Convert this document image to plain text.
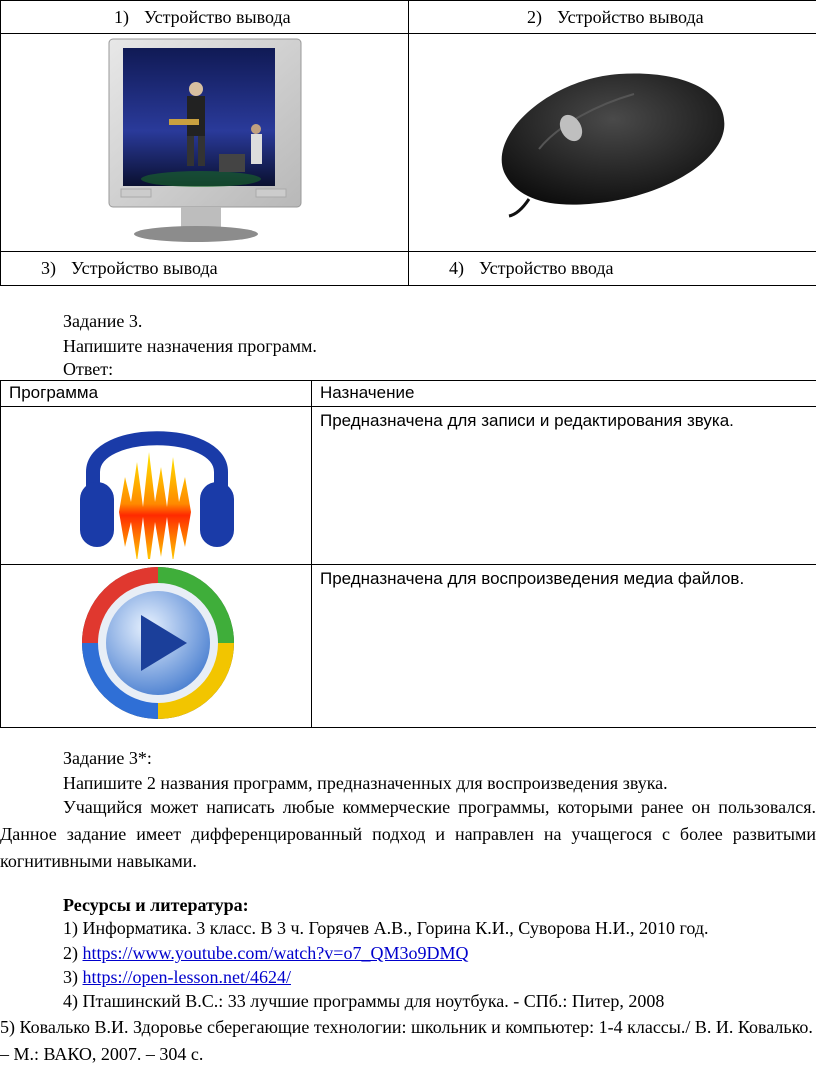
1) Устройство вывода	2) Устройство вывода

3) Устройство вывода	4) Устройство ввода
Задание 3.
Напишите назначения программ.
Ответ:
Программа	Назначение

Предназначена для записи и редактирования звука.

Предназначена для воспроизведения медиа файлов.
Задание 3*:
Напишите 2 названия программ, предназначенных для воспроизведения звука.
Учащийся может написать любые коммерческие программы, которыми ранее он пользовался. Данное задание имеет дифференцированный подход и направлен на учащегося с более развитыми когнитивными навыками.
Ресурсы и литература:
1) Информатика. 3 класс. В 3 ч. Горячев А.В., Горина К.И., Суворова Н.И., 2010 год.
2) https://www.youtube.com/watch?v=o7_QM3o9DMQ
3) https://open-lesson.net/4624/
4) Пташинский В.С.: 33 лучшие программы для ноутбука. - СПб.: Питер, 2008
5) Ковалько В.И. Здоровье сберегающие технологии: школьник и компьютер: 1-4 классы./ В. И. Ковалько. – М.: ВАКО, 2007. – 304 с.
